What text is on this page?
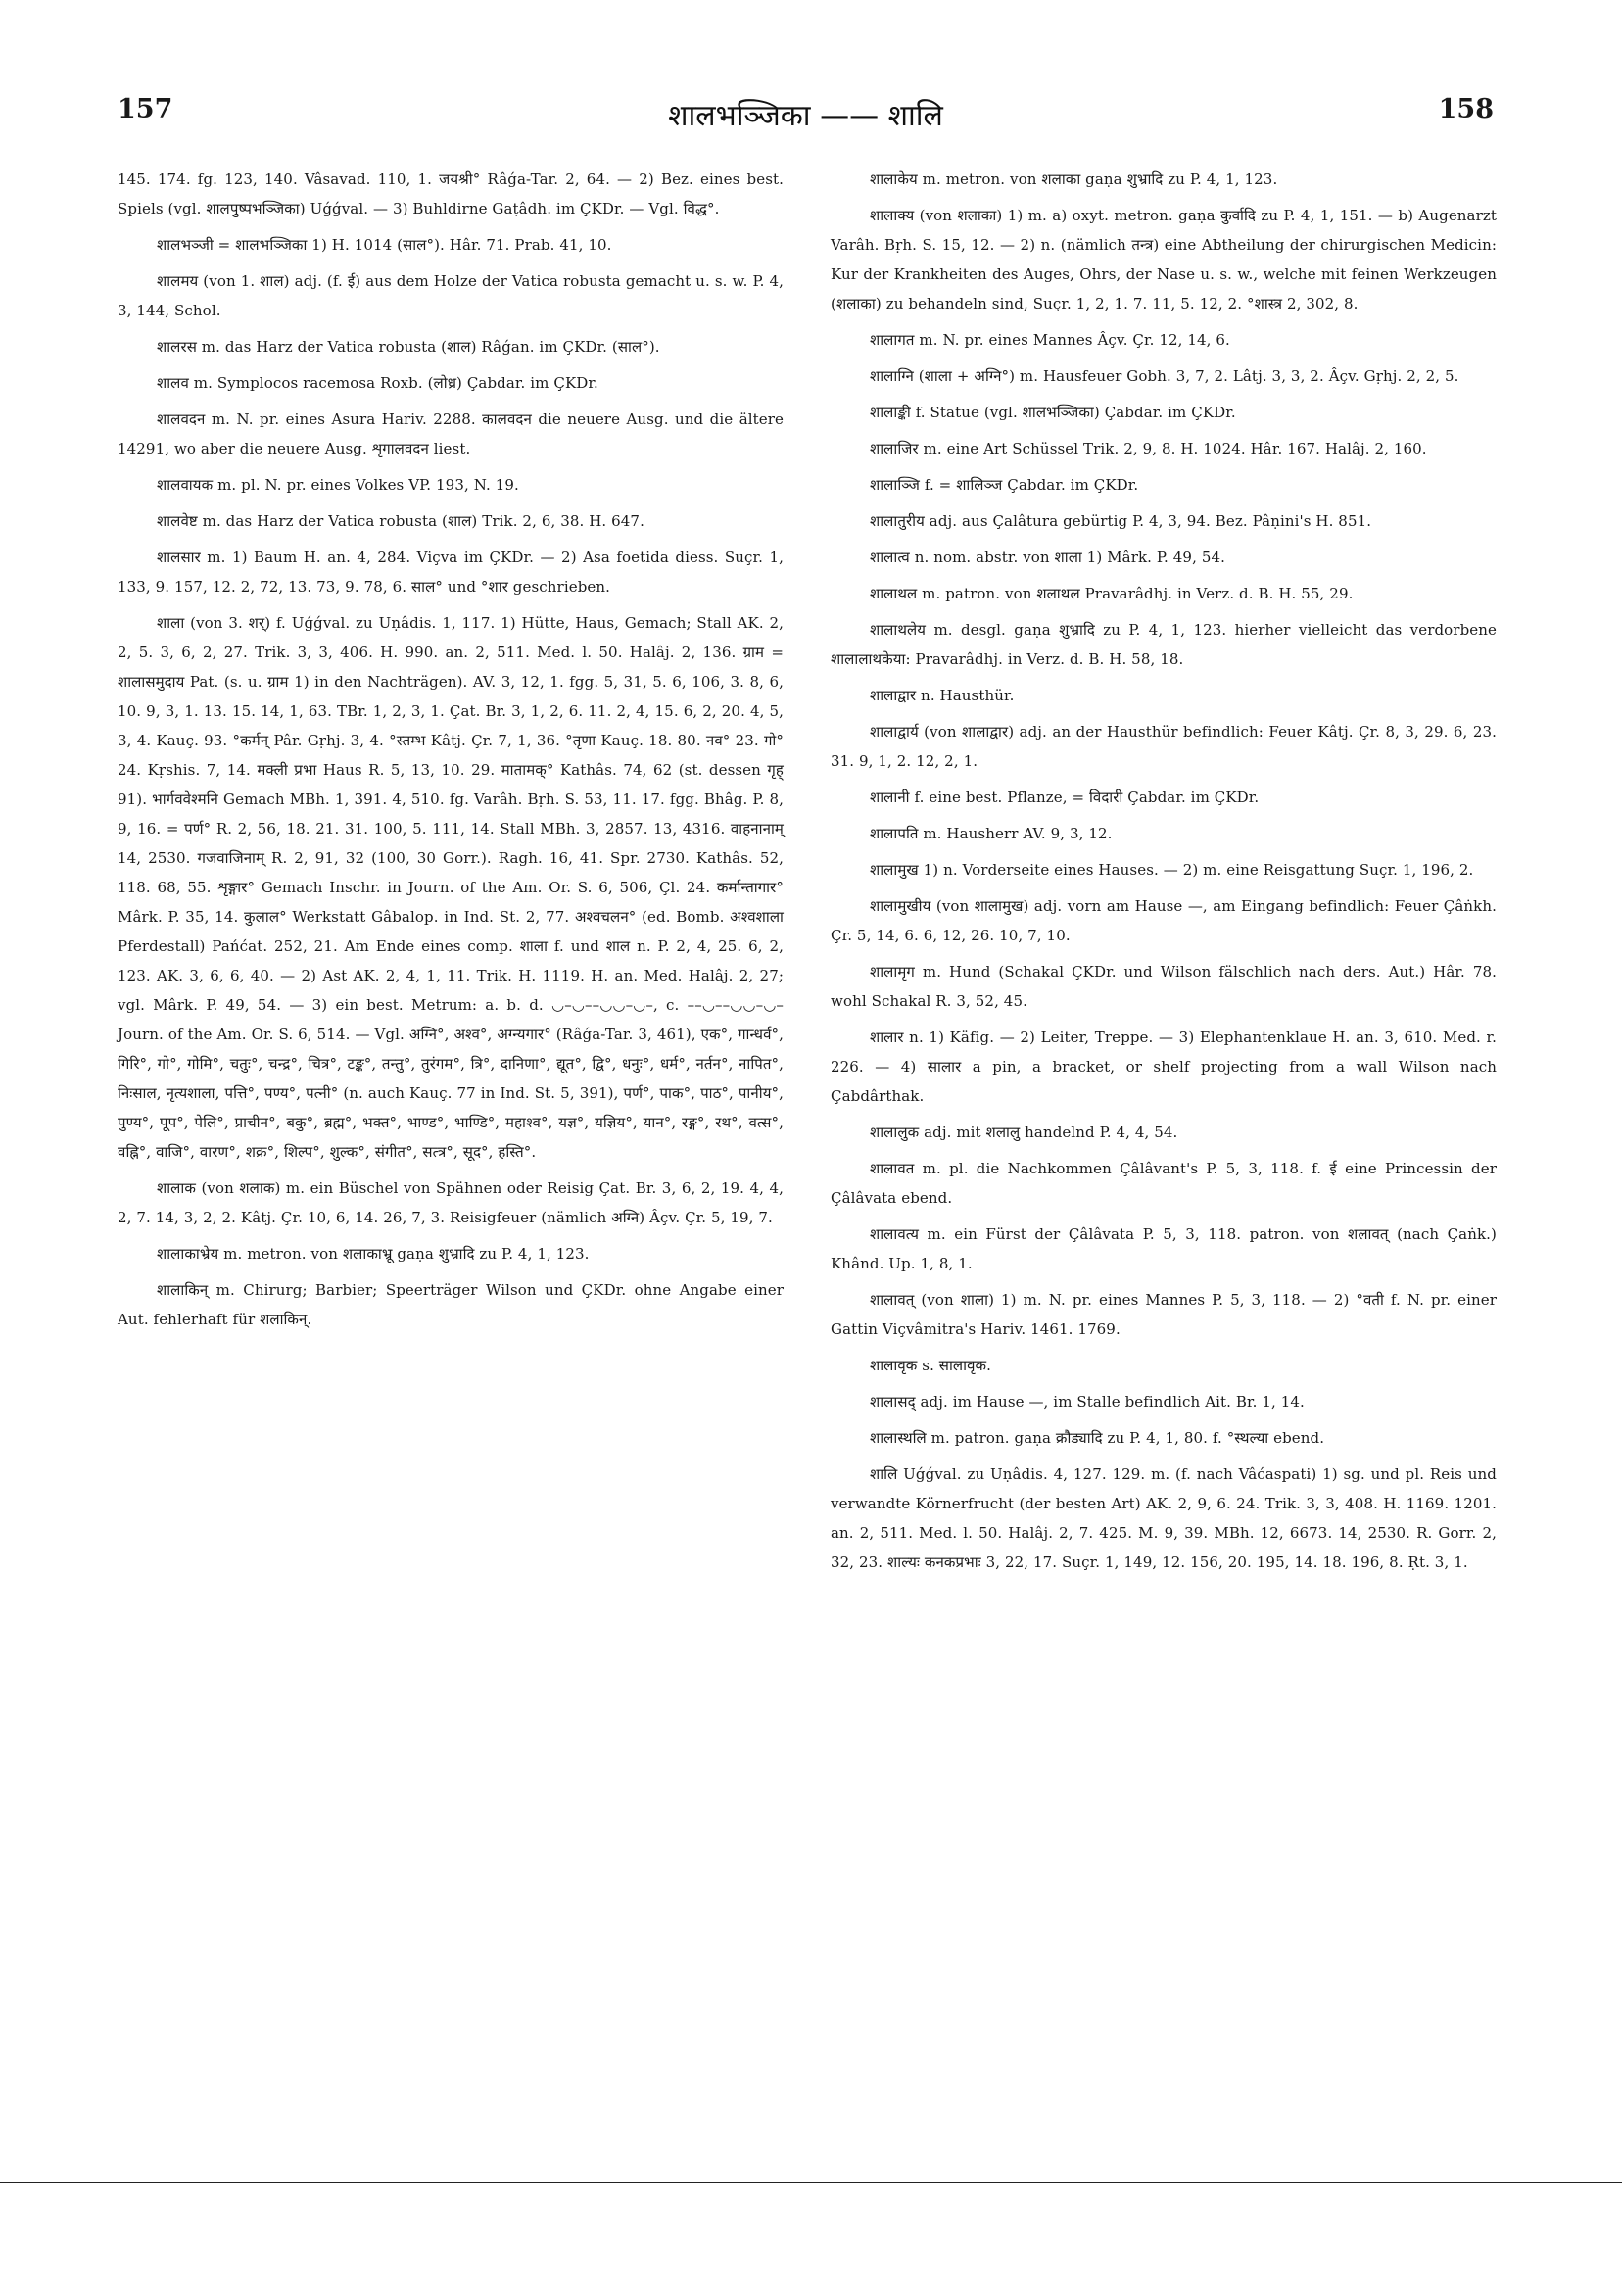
157	शालभञ्जिका —— शालि	158

145. 174. fg. 123, 140. Vâsavad. 110, 1. जयश्री° Râǵa-Tar. 2, 64. — 2) Bez. eines best. Spiels (vgl. शालपुष्पभञ्जिका) Uǵǵval. — 3) Buhldirne Gaṭâdh. im ÇKDr. — Vgl. विद्ध°.

शालभञ्जी = शालभञ्जिका 1) H. 1014 (साल°). Hâr. 71. Prab. 41, 10.

शालमय (von 1. शाल) adj. (f. ई) aus dem Holze der Vatica robusta gemacht u. s. w. P. 4, 3, 144, Schol.

शालरस m. das Harz der Vatica robusta (शाल) Râǵan. im ÇKDr. (साल°).

शालव m. Symplocos racemosa Roxb. (लोध्र) Çabdar. im ÇKDr.

शालवदन m. N. pr. eines Asura Hariv. 2288. कालवदन die neuere Ausg. und die ältere 14291, wo aber die neuere Ausg. शृगालवदन liest.

शालवायक m. pl. N. pr. eines Volkes VP. 193, N. 19.

शालवेष्ट m. das Harz der Vatica robusta (शाल) Trik. 2, 6, 38. H. 647.

शालसार m. 1) Baum H. an. 4, 284. Viçva im ÇKDr. — 2) Asa foetida diess. Suçr. 1, 133, 9. 157, 12. 2, 72, 13. 73, 9. 78, 6. साल° und °शार geschrieben.

शाला (von 3. शर्) f. Uǵǵval. zu Uṇâdis. 1, 117. 1) Hütte, Haus, Gemach; Stall AK. 2, 2, 5. 3, 6, 2, 27. Trik. 3, 3, 406. H. 990. an. 2, 511. Med. l. 50. Halâj. 2, 136. ग्राम = शालासमुदाय Pat. (s. u. ग्राम 1) in den Nachträgen). AV. 3, 12, 1. fgg. 5, 31, 5. 6, 106, 3. 8, 6, 10. 9, 3, 1. 13. 15. 14, 1, 63. TBr. 1, 2, 3, 1. Çat. Br. 3, 1, 2, 6. 11. 2, 4, 15. 6, 2, 20. 4, 5, 3, 4. Kauç. 93. °कर्मन् Pâr. Gṛhj. 3, 4. °स्तम्भ Kâtj. Çr. 7, 1, 36. °तृणा Kauç. 18. 80. नव° 23. गो° 24. Kṛshis. 7, 14. मक्ली प्रभा Haus R. 5, 13, 10. 29. मातामक्° Kathâs. 74, 62 (st. dessen गृह् 91). भार्गववेश्मनि Gemach MBh. 1, 391. 4, 510. fg. Varâh. Bṛh. S. 53, 11. 17. fgg. Bhâg. P. 8, 9, 16. = पर्ण° R. 2, 56, 18. 21. 31. 100, 5. 111, 14. Stall MBh. 3, 2857. 13, 4316. वाहनानाम् 14, 2530. गजवाजिनाम् R. 2, 91, 32 (100, 30 Gorr.). Ragh. 16, 41. Spr. 2730. Kathâs. 52, 118. 68, 55. शृङ्गार° Gemach Inschr. in Journ. of the Am. Or. S. 6, 506, Çl. 24. कर्मान्तागार° Mârk. P. 35, 14. कुलाल° Werkstatt Gâbalop. in Ind. St. 2, 77. अश्वचलन° (ed. Bomb. अश्वशाला Pferdestall) Pańćat. 252, 21. Am Ende eines comp. शाला f. und शाल n. P. 2, 4, 25. 6, 2, 123. AK. 3, 6, 6, 40. — 2) Ast AK. 2, 4, 1, 11. Trik. H. 1119. H. an. Med. Halâj. 2, 27; vgl. Mârk. P. 49, 54. — 3) ein best. Metrum: a. b. d. ◡–◡––◡◡–◡–, c. ––◡––◡◡–◡– Journ. of the Am. Or. S. 6, 514. — Vgl. अग्नि°, अश्व°, अग्न्यगार° (Râǵa-Tar. 3, 461), एक°, गान्धर्व°, गिरि°, गो°, गोमि°, चतुः°, चन्द्र°, चित्र°, टङ्क°, तन्तु°, तुरंगम°, त्रि°, दानिणा°, द्यूत°, द्वि°, धनुः°, धर्म°, नर्तन°, नापित°, निःसाल, नृत्यशाला, पत्ति°, पण्य°, पत्नी° (n. auch Kauç. 77 in Ind. St. 5, 391), पर्ण°, पाक°, पाठ°, पानीय°, पुण्य°, पूप°, पेलि°, प्राचीन°, बकु°, ब्रह्म°, भक्त°, भाण्ड°, भाण्डि°, महाश्व°, यज्ञ°, यज्ञिय°, यान°, रङ्ग°, रथ°, वत्स°, वह्नि°, वाजि°, वारण°, शक्र°, शिल्प°, शुल्क°, संगीत°, सत्त्र°, सूद°, हस्ति°.

शालाक (von शलाक) m. ein Büschel von Spähnen oder Reisig Çat. Br. 3, 6, 2, 19. 4, 4, 2, 7. 14, 3, 2, 2. Kâtj. Çr. 10, 6, 14. 26, 7, 3. Reisigfeuer (nämlich अग्नि) Âçv. Çr. 5, 19, 7.

शालाकाभ्रेय m. metron. von शलाकाभ्रू gaṇa शुभ्रादि zu P. 4, 1, 123.

शालाकिन् m. Chirurg; Barbier; Speerträger Wilson und ÇKDr. ohne Angabe einer Aut. fehlerhaft für शलाकिन्.

शालाकेय m. metron. von शलाका gaṇa शुभ्रादि zu P. 4, 1, 123.

शालाक्य (von शलाका) 1) m. a) oxyt. metron. gaṇa कुर्वादि zu P. 4, 1, 151. — b) Augenarzt Varâh. Bṛh. S. 15, 12. — 2) n. (nämlich तन्त्र) eine Abtheilung der chirurgischen Medicin: Kur der Krankheiten des Auges, Ohrs, der Nase u. s. w., welche mit feinen Werkzeugen (शलाका) zu behandeln sind, Suçr. 1, 2, 1. 7. 11, 5. 12, 2. °शास्त्र 2, 302, 8.

शालागत m. N. pr. eines Mannes Âçv. Çr. 12, 14, 6.

शालाग्नि (शाला + अग्नि°) m. Hausfeuer Gobh. 3, 7, 2. Lâtj. 3, 3, 2. Âçv. Gṛhj. 2, 2, 5.

शालाङ्की f. Statue (vgl. शालभञ्जिका) Çabdar. im ÇKDr.

शालाजिर m. eine Art Schüssel Trik. 2, 9, 8. H. 1024. Hâr. 167. Halâj. 2, 160.

शालाञ्जि f. = शालिञ्ज Çabdar. im ÇKDr.

शालातुरीय adj. aus Çalâtura gebürtig P. 4, 3, 94. Bez. Pâṇini's H. 851.

शालात्व n. nom. abstr. von शाला 1) Mârk. P. 49, 54.

शालाथल m. patron. von शलाथल Pravarâdhj. in Verz. d. B. H. 55, 29.

शालाथलेय m. desgl. gaṇa शुभ्रादि zu P. 4, 1, 123. hierher vielleicht das verdorbene शालालाथकेया: Pravarâdhj. in Verz. d. B. H. 58, 18.

शालाद्वार n. Hausthür.

शालाद्वार्य (von शालाद्वार) adj. an der Hausthür befindlich: Feuer Kâtj. Çr. 8, 3, 29. 6, 23. 31. 9, 1, 2. 12, 2, 1.

शालानी f. eine best. Pflanze, = विदारी Çabdar. im ÇKDr.

शालापति m. Hausherr AV. 9, 3, 12.

शालामुख 1) n. Vorderseite eines Hauses. — 2) m. eine Reisgattung Suçr. 1, 196, 2.

शालामुखीय (von शालामुख) adj. vorn am Hause —, am Eingang befindlich: Feuer Çâṅkh. Çr. 5, 14, 6. 6, 12, 26. 10, 7, 10.

शालामृग m. Hund (Schakal ÇKDr. und Wilson fälschlich nach ders. Aut.) Hâr. 78. wohl Schakal R. 3, 52, 45.

शालार n. 1) Käfig. — 2) Leiter, Treppe. — 3) Elephantenklaue H. an. 3, 610. Med. r. 226. — 4) सालार a pin, a bracket, or shelf projecting from a wall Wilson nach Çabdârthak.

शालालुक adj. mit शलालु handelnd P. 4, 4, 54.

शालावत m. pl. die Nachkommen Çâlâvant's P. 5, 3, 118. f. ई eine Princessin der Çâlâvata ebend.

शालावत्य m. ein Fürst der Çâlâvata P. 5, 3, 118. patron. von शलावत् (nach Çaṅk.) Khând. Up. 1, 8, 1.

शालावत् (von शाला) 1) m. N. pr. eines Mannes P. 5, 3, 118. — 2) °वती f. N. pr. einer Gattin Viçvâmitra's Hariv. 1461. 1769.

शालावृक s. सालावृक.

शालासद् adj. im Hause —, im Stalle befindlich Ait. Br. 1, 14.

शालास्थलि m. patron. gaṇa क्रौड्यादि zu P. 4, 1, 80. f. °स्थल्या ebend.

शालि Uǵǵval. zu Uṇâdis. 4, 127. 129. m. (f. nach Vâćaspati) 1) sg. und pl. Reis und verwandte Körnerfrucht (der besten Art) AK. 2, 9, 6. 24. Trik. 3, 3, 408. H. 1169. 1201. an. 2, 511. Med. l. 50. Halâj. 2, 7. 425. M. 9, 39. MBh. 12, 6673. 14, 2530. R. Gorr. 2, 32, 23. शाल्यः कनकप्रभाः 3, 22, 17. Suçr. 1, 149, 12. 156, 20. 195, 14. 18. 196, 8. Ṛt. 3, 1.
